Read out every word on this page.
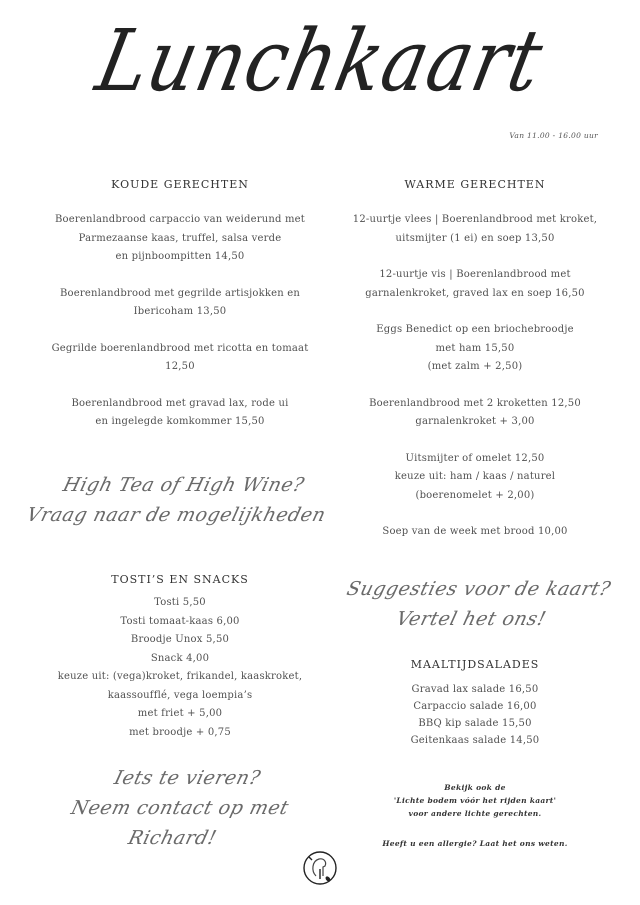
Lunchkaart
Van 11.00 - 16.00 uur

KOUDE GERECHTEN

Boerenlandbrood carpaccio van weiderund met
Parmezaanse kaas, truffel, salsa verde
en pijnboompitten 14,50
Boerenlandbrood met gegrilde artisjokken en
Ibericoham 13,50
Gegrilde boerenlandbrood met ricotta en tomaat
12,50
Boerenlandbrood met gravad lax, rode ui
en ingelegde komkommer 15,50
High Tea of High Wine?
Vraag naar de mogelijkheden

TOSTI’S EN SNACKS

Tosti 5,50
Tosti tomaat-kaas 6,00
Broodje Unox 5,50
Snack 4,00
keuze uit: (vega)kroket, frikandel, kaaskroket,
kaassoufflé, vega loempia’s
met friet + 5,00
met broodje + 0,75
Iets te vieren?
Neem contact op met Richard!

WARME GERECHTEN

12-uurtje vlees | Boerenlandbrood met kroket,
uitsmijter (1 ei) en soep 13,50
12-uurtje vis | Boerenlandbrood met
garnalenkroket, graved lax en soep 16,50
Eggs Benedict op een briochebroodje
met ham 15,50
(met zalm + 2,50)
Boerenlandbrood met 2 kroketten 12,50
garnalenkroket + 3,00
Uitsmijter of omelet 12,50
keuze uit: ham / kaas / naturel
(boerenomelet + 2,00)
Soep van de week met brood 10,00
Suggesties voor de kaart?
Vertel het ons!

MAALTIJDSALADES

Gravad lax salade 16,50
Carpaccio salade 16,00
BBQ kip salade 15,50
Geitenkaas salade 14,50
Bekijk ook de
'Lichte bodem vóór het rijden kaart'
voor andere lichte gerechten.
Heeft u een allergie? Laat het ons weten.
